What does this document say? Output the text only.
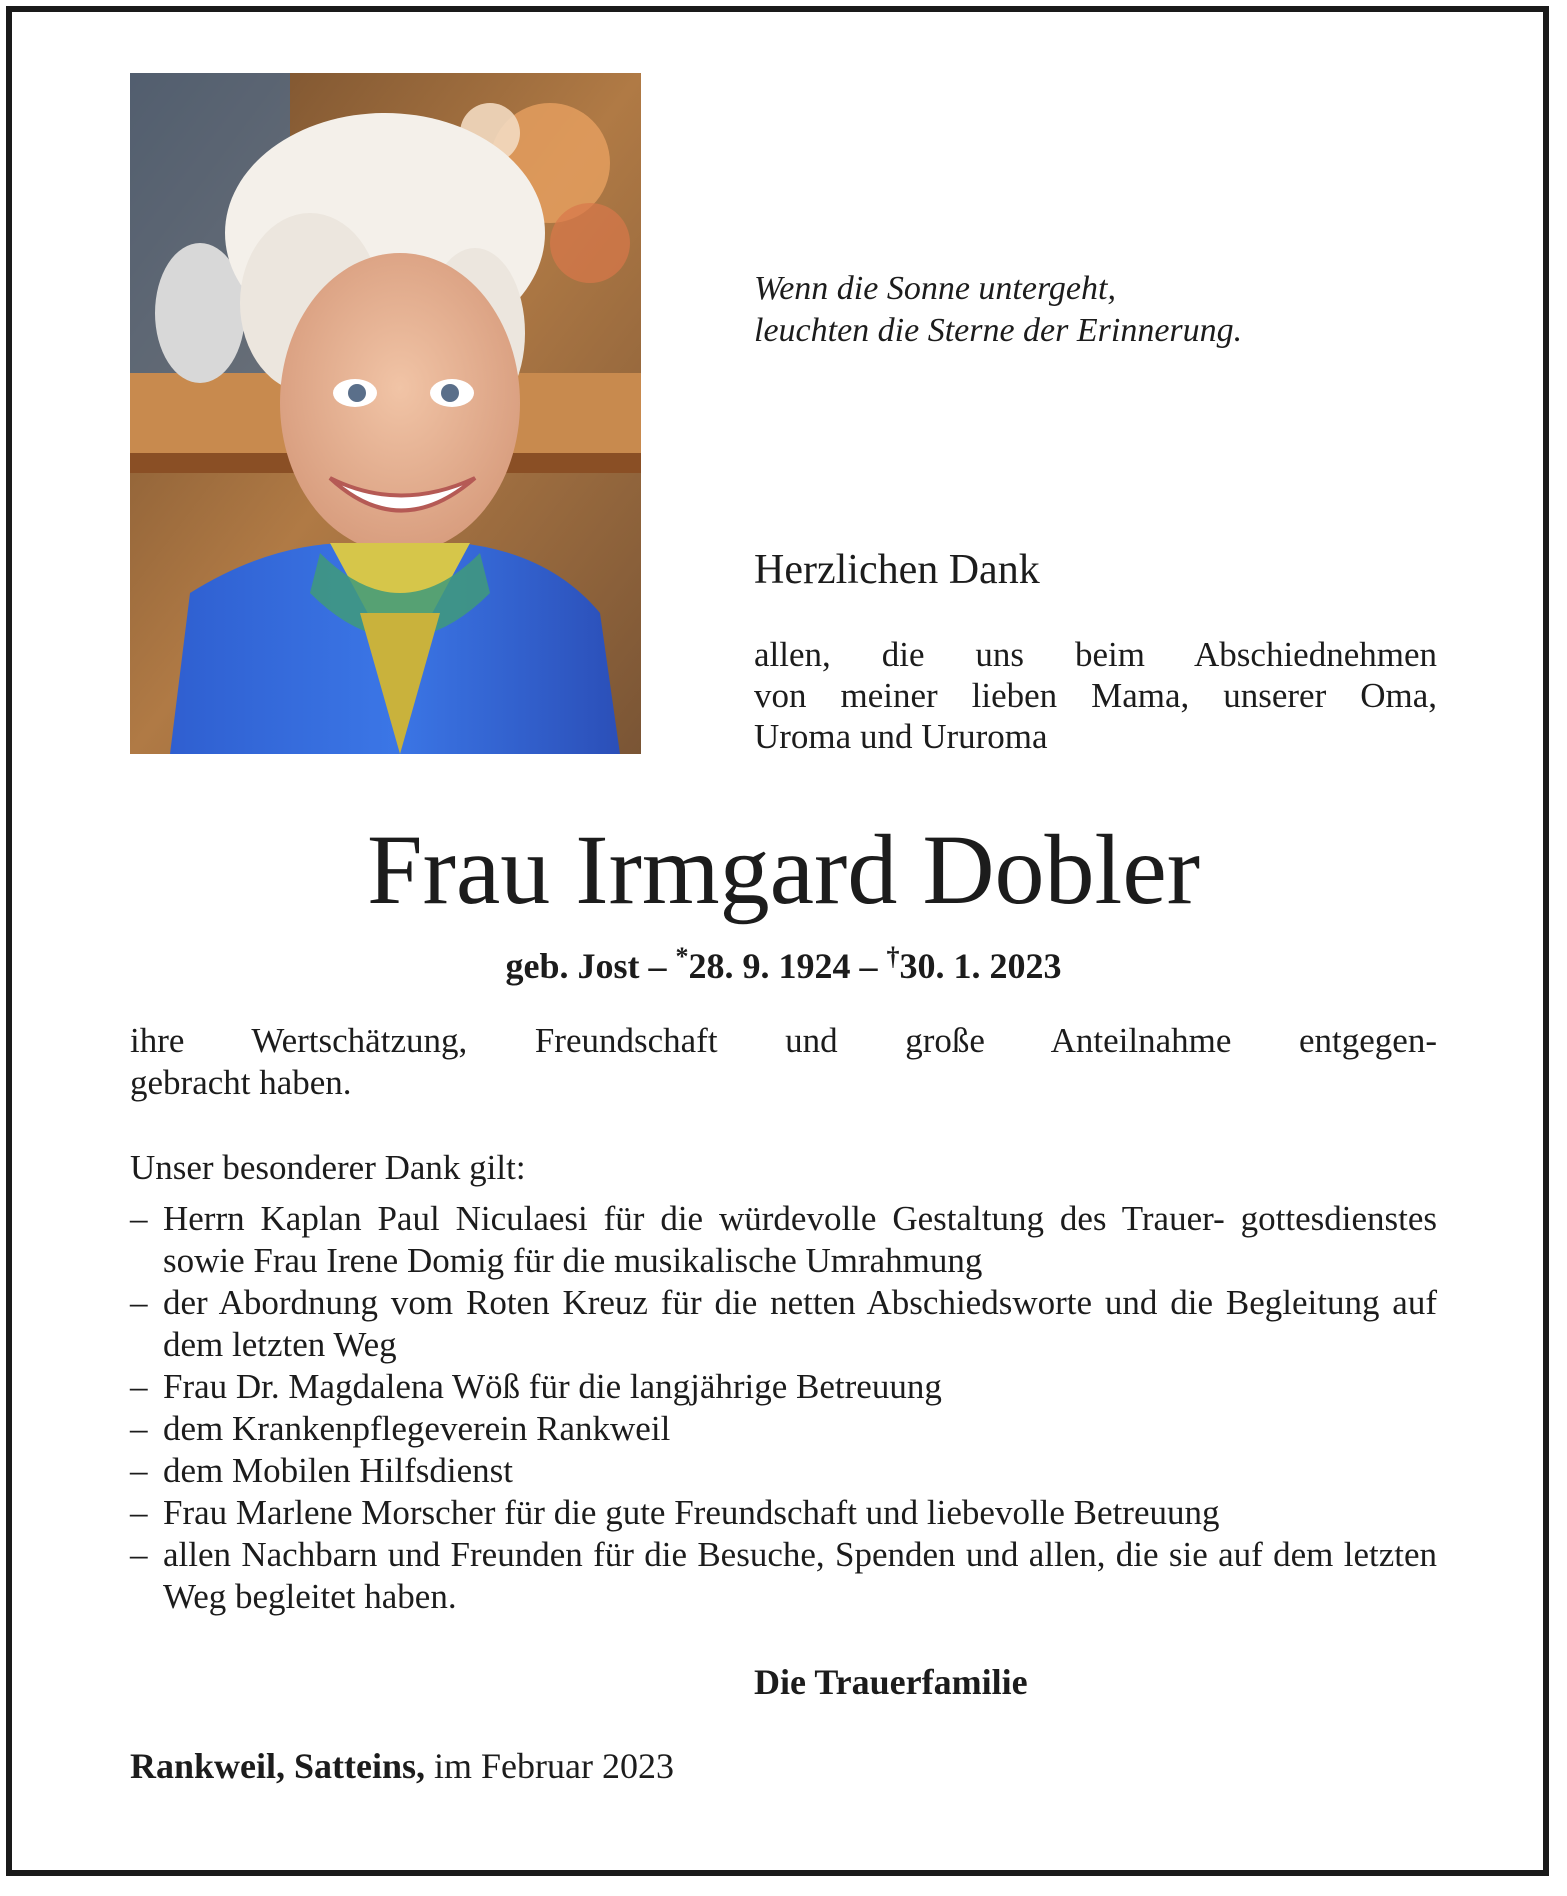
Wenn die Sonne untergeht,
leuchten die Sterne der Erinnerung.
Herzlichen Dank
allen, die uns beim Abschiednehmen
von meiner lieben Mama, unserer Oma,
Uroma und Ururoma
Frau Irmgard Dobler
geb. Jost – *28. 9. 1924 – †30. 1. 2023
ihre Wertschätzung, Freundschaft und große Anteilnahme entgegen-
gebracht haben.
Unser besonderer Dank gilt:
– Herrn Kaplan Paul Niculaesi für die würdevolle Gestaltung des Trauer- gottesdienstes sowie Frau Irene Domig für die musikalische Umrahmung
– der Abordnung vom Roten Kreuz für die netten Abschiedsworte und die Begleitung auf dem letzten Weg
– Frau Dr. Magdalena Wöß für die langjährige Betreuung
– dem Krankenpflegeverein Rankweil
– dem Mobilen Hilfsdienst
– Frau Marlene Morscher für die gute Freundschaft und liebevolle Betreuung
– allen Nachbarn und Freunden für die Besuche, Spenden und allen, die sie auf dem letzten Weg begleitet haben.
Die Trauerfamilie
Rankweil, Satteins, im Februar 2023
